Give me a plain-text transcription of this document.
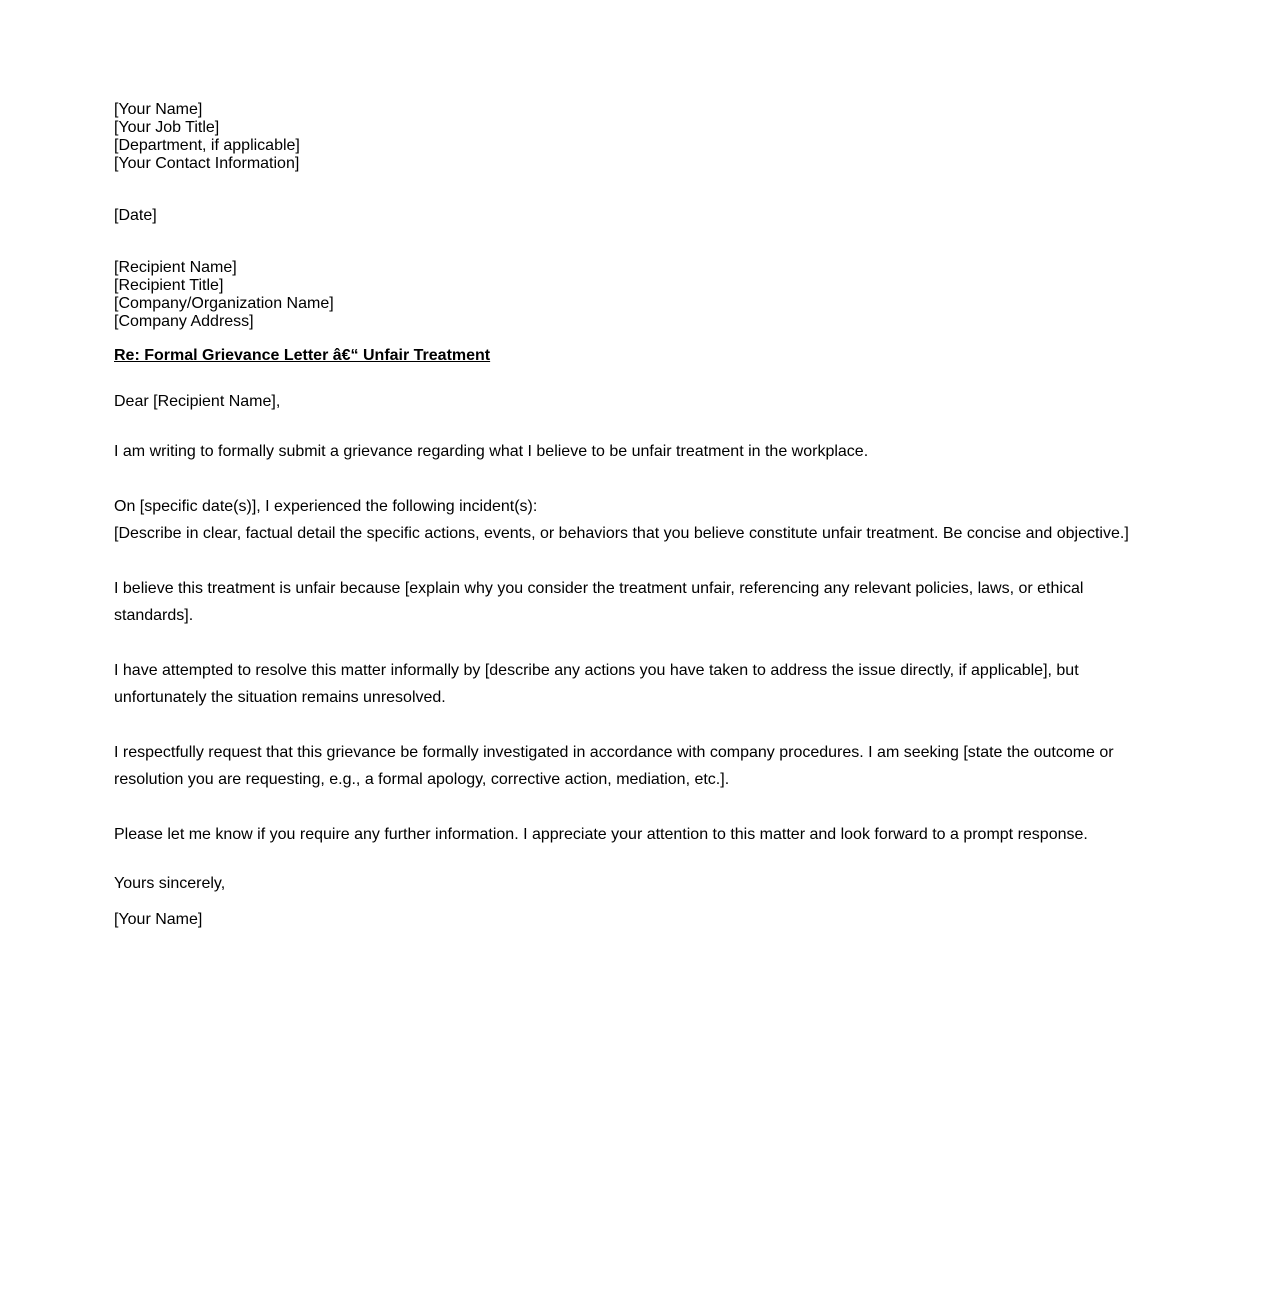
[Your Name]
[Your Job Title]
[Department, if applicable]
[Your Contact Information]
[Date]
[Recipient Name]
[Recipient Title]
[Company/Organization Name]
[Company Address]
Re: Formal Grievance Letter â€“ Unfair Treatment
Dear [Recipient Name],

I am writing to formally submit a grievance regarding what I believe to be unfair treatment in the workplace.

On [specific date(s)], I experienced the following incident(s):
[Describe in clear, factual detail the specific actions, events, or behaviors that you believe constitute unfair treatment. Be concise and objective.]

I believe this treatment is unfair because [explain why you consider the treatment unfair, referencing any relevant policies, laws, or ethical standards].

I have attempted to resolve this matter informally by [describe any actions you have taken to address the issue directly, if applicable], but unfortunately the situation remains unresolved.

I respectfully request that this grievance be formally investigated in accordance with company procedures. I am seeking [state the outcome or resolution you are requesting, e.g., a formal apology, corrective action, mediation, etc.].

Please let me know if you require any further information. I appreciate your attention to this matter and look forward to a prompt response.

Yours sincerely,
[Your Name]
